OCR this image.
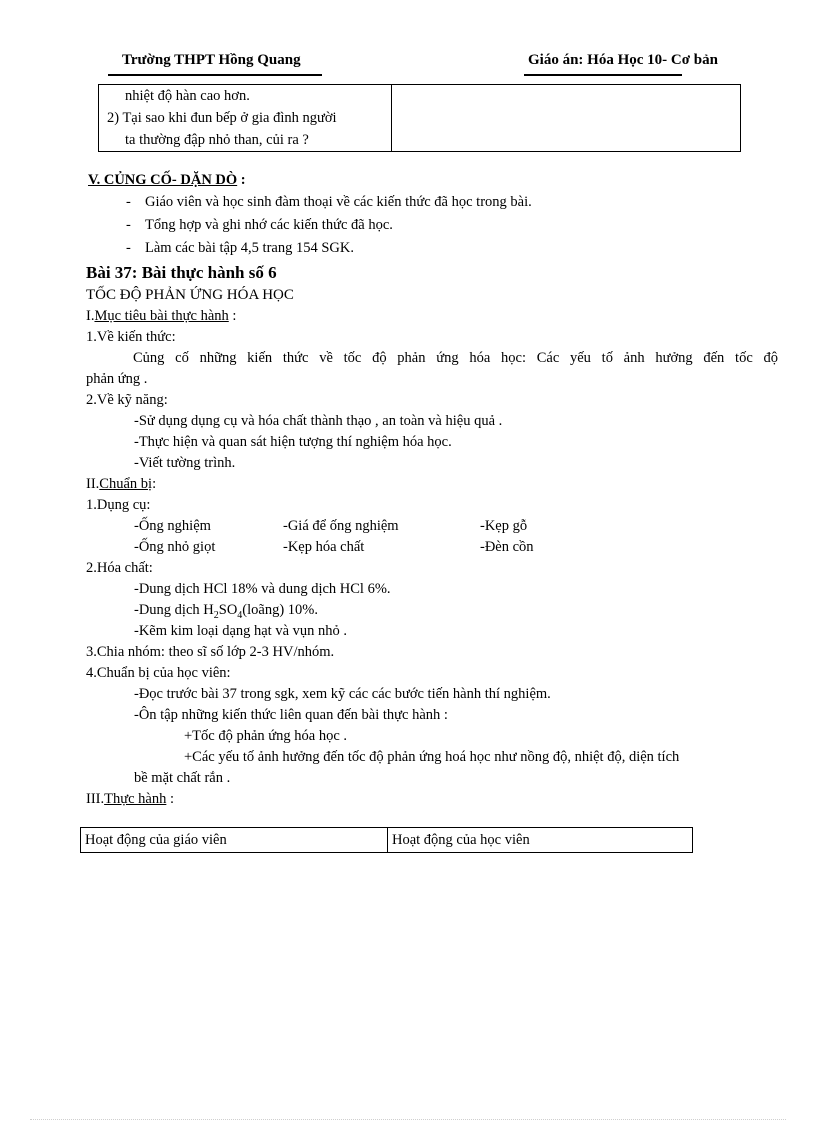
Trường THPT Hồng Quang	Giáo án: Hóa Học 10- Cơ bản
nhiệt độ hàn cao hơn.
2) Tại sao khi đun bếp ở gia đình người
ta thường đập nhỏ than, củi ra ?

V. CỦNG CỐ- DẶN DÒ :
- Giáo viên và học sinh đàm thoại về các kiến thức đã học trong bài.
- Tổng hợp và ghi nhớ các kiến thức đã học.
- Làm các bài tập 4,5 trang 154 SGK.
Bài 37: Bài thực hành số 6
TỐC ĐỘ PHẢN ỨNG HÓA HỌC
I.Mục tiêu bài thực hành :
1.Về kiến thức:
Củng cố những kiến thức về tốc độ phản ứng hóa học: Các yếu tố ảnh hưởng đến tốc độ
phản ứng .
2.Về kỹ năng:
-Sử dụng dụng cụ và hóa chất thành thạo , an toàn và hiệu quả .
-Thực hiện và quan sát hiện tượng thí nghiệm hóa học.
-Viết tường trình.
II.Chuẩn bị:
1.Dụng cụ:
-Ống nghiệm	-Giá để ống nghiệm	-Kẹp gỗ
-Ống nhỏ giọt	-Kẹp hóa chất	-Đèn cồn
2.Hóa chất:
-Dung dịch HCl 18% và dung dịch HCl 6%.
-Dung dịch $H_2SO_4(loãng)$ 10%.
-Kẽm kim loại dạng hạt và vụn nhỏ .
3.Chia nhóm: theo sĩ số lớp 2-3 HV/nhóm.
4.Chuẩn bị của học viên:
-Đọc trước bài 37 trong sgk, xem kỹ các các bước tiến hành thí nghiệm.
-Ôn tập những kiến thức liên quan đến bài thực hành :
+Tốc độ phản ứng hóa học .
+Các yếu tố ảnh hưởng đến tốc độ phản ứng hoá học như nồng độ, nhiệt độ, diện tích
bề mặt chất rắn .
III.Thực hành :
Hoạt động của giáo viên	Hoạt động của học viên
